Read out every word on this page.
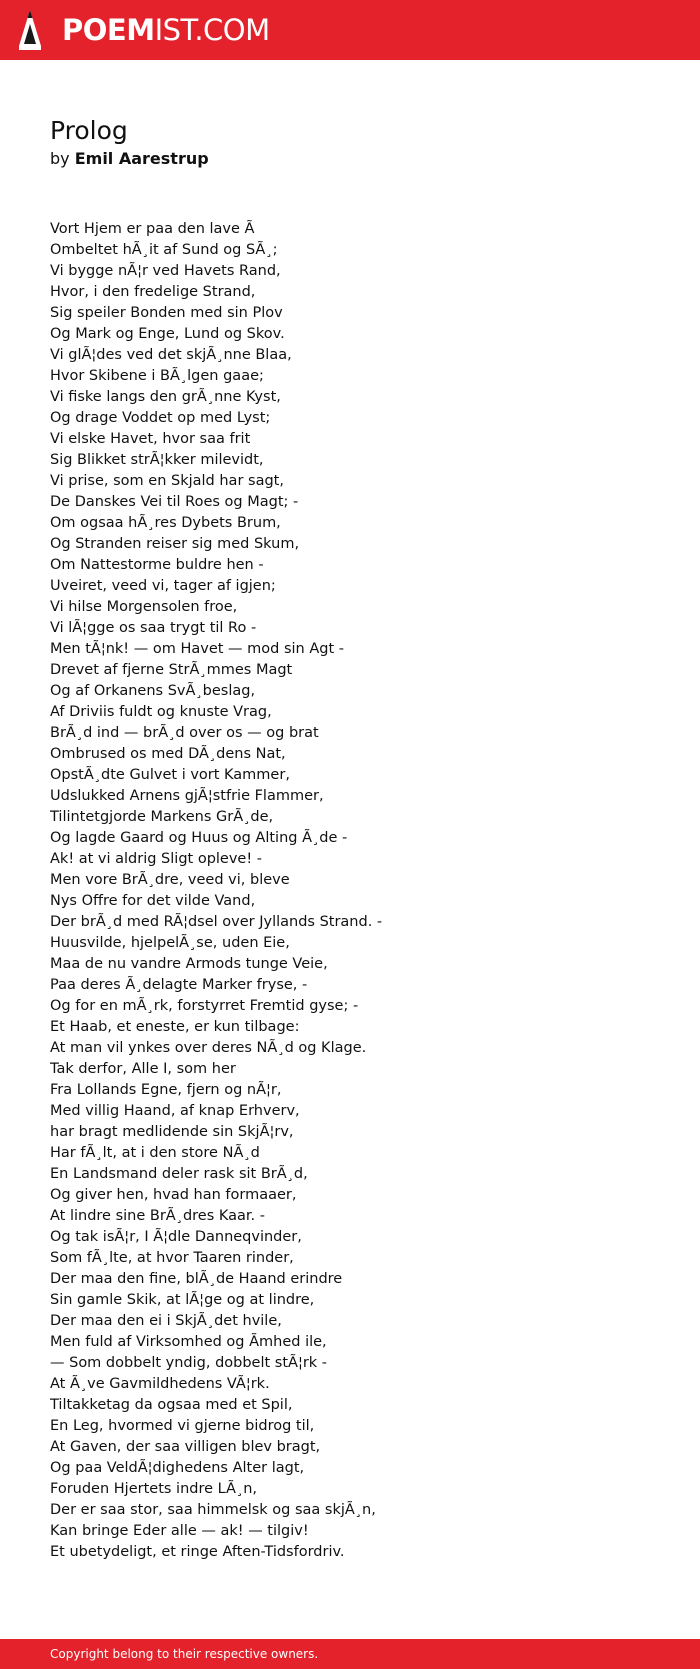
POEMIST.COM
Prolog
by Emil Aarestrup
Vort Hjem er paa den lave Ã
Ombeltet hÃ¸it af Sund og SÃ¸;
Vi bygge nÃ¦r ved Havets Rand,
Hvor, i den fredelige Strand,
Sig speiler Bonden med sin Plov
Og Mark og Enge, Lund og Skov.
Vi glÃ¦des ved det skjÃ¸nne Blaa,
Hvor Skibene i BÃ¸lgen gaae;
Vi fiske langs den grÃ¸nne Kyst,
Og drage Voddet op med Lyst;
Vi elske Havet, hvor saa frit
Sig Blikket strÃ¦kker milevidt,
Vi prise, som en Skjald har sagt,
De Danskes Vei til Roes og Magt; -
Om ogsaa hÃ¸res Dybets Brum,
Og Stranden reiser sig med Skum,
Om Nattestorme buldre hen -
Uveiret, veed vi, tager af igjen;
Vi hilse Morgensolen froe,
Vi lÃ¦gge os saa trygt til Ro -
Men tÃ¦nk! — om Havet — mod sin Agt -
Drevet af fjerne StrÃ¸mmes Magt
Og af Orkanens SvÃ¸beslag,
Af Driviis fuldt og knuste Vrag,
BrÃ¸d ind — brÃ¸d over os — og brat
Ombrused os med DÃ¸dens Nat,
OpstÃ¸dte Gulvet i vort Kammer,
Udslukked Arnens gjÃ¦stfrie Flammer,
Tilintetgjorde Markens GrÃ¸de,
Og lagde Gaard og Huus og Alting Ã¸de -
Ak! at vi aldrig Sligt opleve! -
Men vore BrÃ¸dre, veed vi, bleve
Nys Offre for det vilde Vand,
Der brÃ¸d med RÃ¦dsel over Jyllands Strand. -
Huusvilde, hjelpelÃ¸se, uden Eie,
Maa de nu vandre Armods tunge Veie,
Paa deres Ã¸delagte Marker fryse, -
Og for en mÃ¸rk, forstyrret Fremtid gyse; -
Et Haab, et eneste, er kun tilbage:
At man vil ynkes over deres NÃ¸d og Klage.
Tak derfor, Alle I, som her
Fra Lollands Egne, fjern og nÃ¦r,
Med villig Haand, af knap Erhverv,
har bragt medlidende sin SkjÃ¦rv,
Har fÃ¸lt, at i den store NÃ¸d
En Landsmand deler rask sit BrÃ¸d,
Og giver hen, hvad han formaaer,
At lindre sine BrÃ¸dres Kaar. -
Og tak isÃ¦r, I Ã¦dle Danneqvinder,
Som fÃ¸lte, at hvor Taaren rinder,
Der maa den fine, blÃ¸de Haand erindre
Sin gamle Skik, at lÃ¦ge og at lindre,
Der maa den ei i SkjÃ¸det hvile,
Men fuld af Virksomhed og Ãmhed ile,
— Som dobbelt yndig, dobbelt stÃ¦rk -
At Ã¸ve Gavmildhedens VÃ¦rk.
Tiltakketag da ogsaa med et Spil,
En Leg, hvormed vi gjerne bidrog til,
At Gaven, der saa villigen blev bragt,
Og paa VeldÃ¦dighedens Alter lagt,
Foruden Hjertets indre LÃ¸n,
Der er saa stor, saa himmelsk og saa skjÃ¸n,
Kan bringe Eder alle — ak! — tilgiv!
Et ubetydeligt, et ringe Aften-Tidsfordriv.
Copyright belong to their respective owners.
